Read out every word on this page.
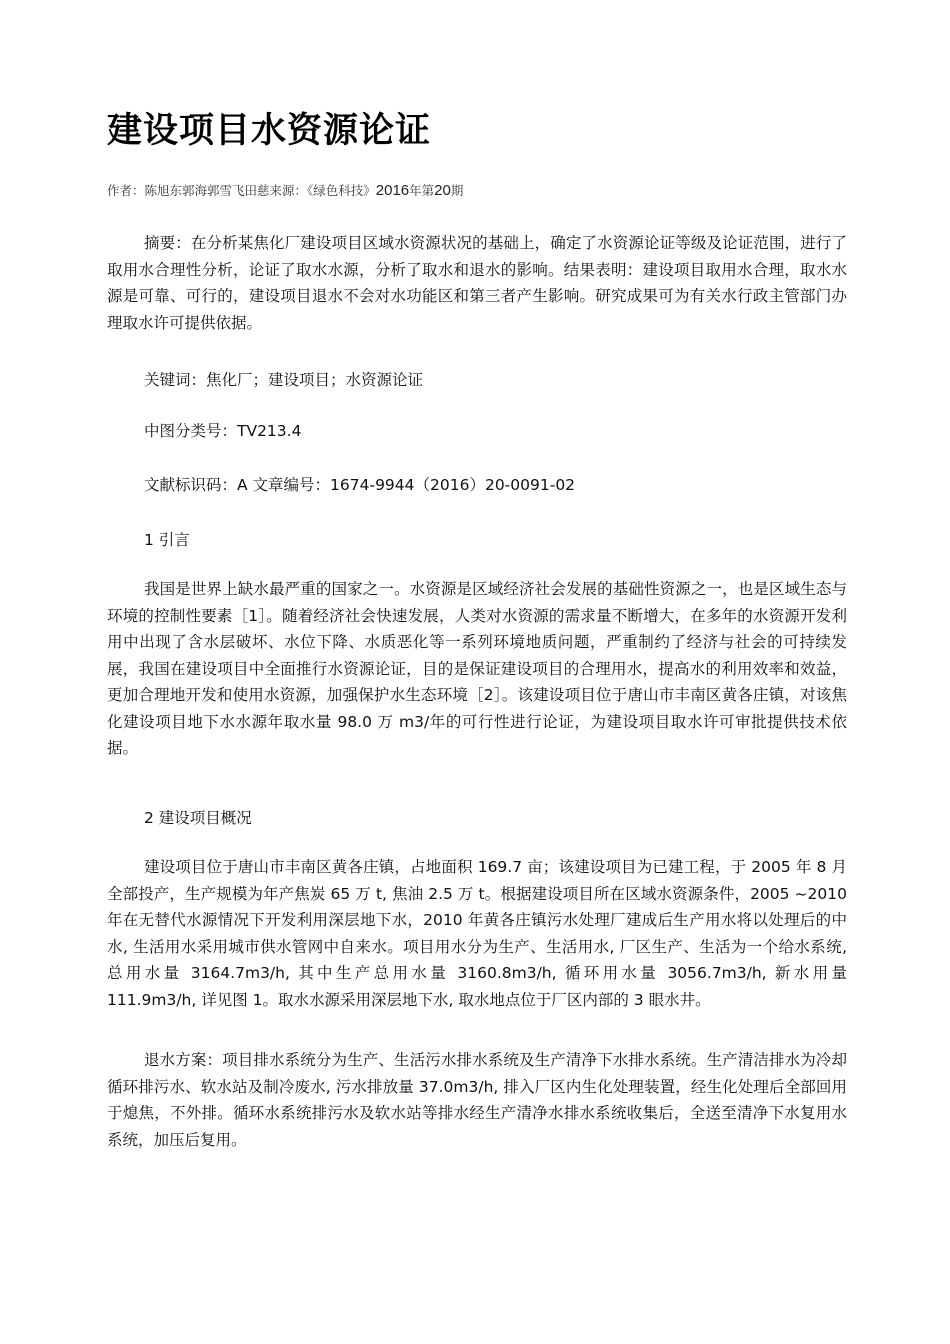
建设项目水资源论证
作者：陈旭东郭海郭雪飞田慈来源：《绿色科技》2016年第20期

摘要：在分析某焦化厂建设项目区域水资源状况的基础上，确定了水资源论证等级及论证范围，进行了取用水合理性分析，论证了取水水源，分析了取水和退水的影响。结果表明：建设项目取用水合理，取水水源是可靠、可行的，建设项目退水不会对水功能区和第三者产生影响。研究成果可为有关水行政主管部门办理取水许可提供依据。

关键词：焦化厂；建设项目；水资源论证
中图分类号：TV213.4
文献标识码：A 文章编号：1674-9944（2016）20-0091-02
1 引言

我国是世界上缺水最严重的国家之一。水资源是区域经济社会发展的基础性资源之一，也是区域生态与环境的控制性要素［1］。随着经济社会快速发展，人类对水资源的需求量不断增大，在多年的水资源开发利用中出现了含水层破坏、水位下降、水质恶化等一系列环境地质问题，严重制约了经济与社会的可持续发展，我国在建设项目中全面推行水资源论证，目的是保证建设项目的合理用水，提高水的利用效率和效益，更加合理地开发和使用水资源，加强保护水生态环境［2］。该建设项目位于唐山市丰南区黄各庄镇，对该焦化建设项目地下水水源年取水量 98.0 万 m3/年的可行性进行论证，为建设项目取水许可审批提供技术依据。

2 建设项目概况

建设项目位于唐山市丰南区黄各庄镇，占地面积 169.7 亩；该建设项目为已建工程，于 2005 年 8 月全部投产，生产规模为年产焦炭 65 万 t, 焦油 2.5 万 t。根据建设项目所在区域水资源条件，2005 ~2010 年在无替代水源情况下开发利用深层地下水，2010 年黄各庄镇污水处理厂建成后生产用水将以处理后的中水, 生活用水采用城市供水管网中自来水。项目用水分为生产、生活用水, 厂区生产、生活为一个给水系统, 总用水量 3164.7m3/h, 其中生产总用水量 3160.8m3/h, 循环用水量 3056.7m3/h, 新水用量 111.9m3/h, 详见图 1。取水水源采用深层地下水, 取水地点位于厂区内部的 3 眼水井。

退水方案：项目排水系统分为生产、生活污水排水系统及生产清净下水排水系统。生产清洁排水为冷却循环排污水、软水站及制冷废水, 污水排放量 37.0m3/h, 排入厂区内生化处理装置，经生化处理后全部回用于熄焦，不外排。循环水系统排污水及软水站等排水经生产清净水排水系统收集后，全送至清净下水复用水系统，加压后复用。
